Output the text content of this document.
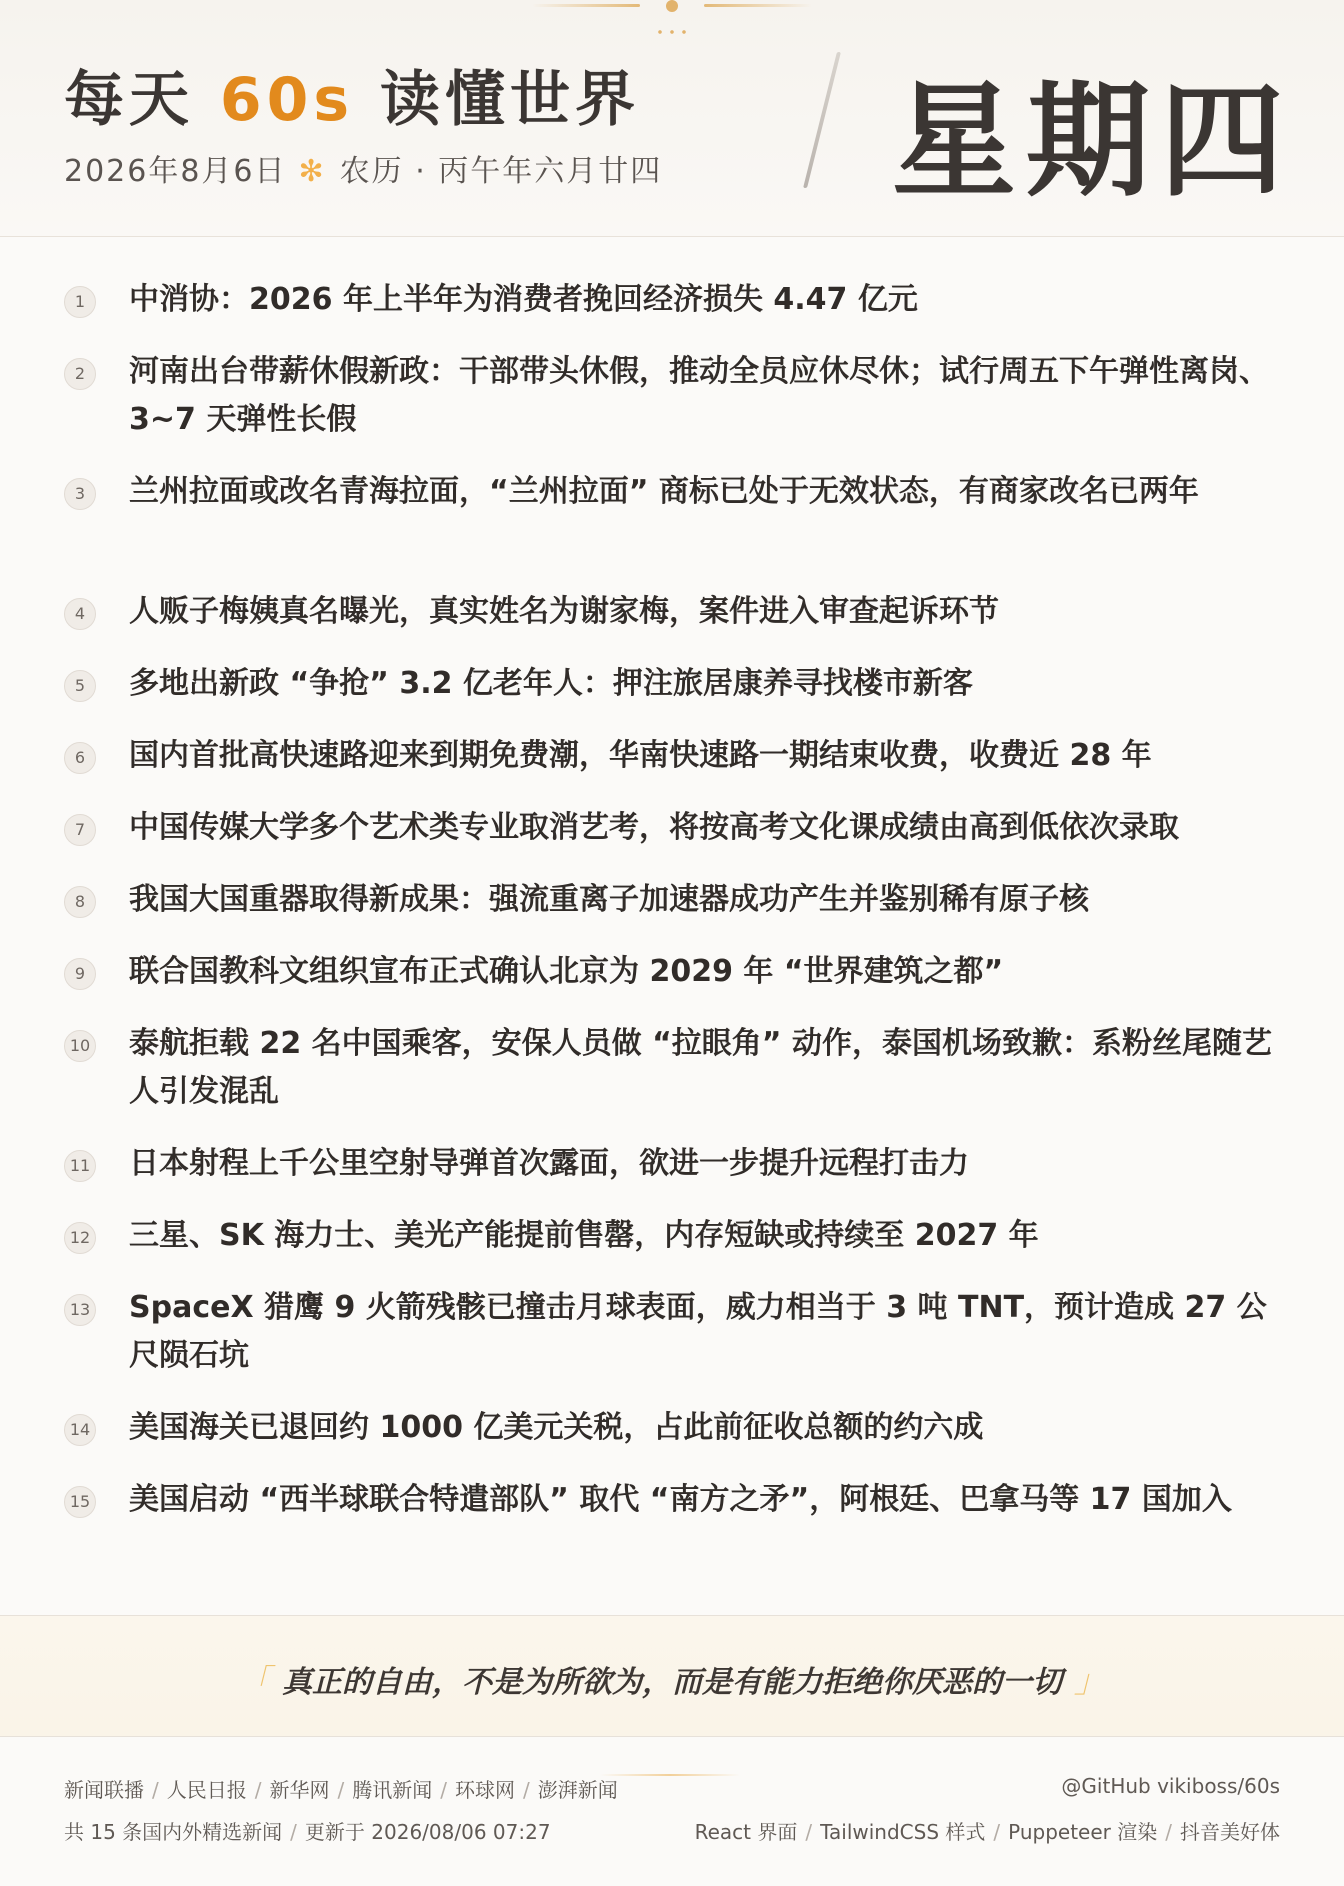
每天 60s 读懂世界
2026年8月6日 ✻ 农历 · 丙午年六月廿四 星期四
1	中消协：2026 年上半年为消费者挽回经济损失 4.47 亿元
2	河南出台带薪休假新政：干部带头休假，推动全员应休尽休；试行周五下午弹性离岗、3~7 天弹性长假
3	兰州拉面或改名青海拉面，“兰州拉面” 商标已处于无效状态，有商家改名已两年
4	人贩子梅姨真名曝光，真实姓名为谢家梅，案件进入审查起诉环节
5	多地出新政 “争抢” 3.2 亿老年人：押注旅居康养寻找楼市新客
6	国内首批高快速路迎来到期免费潮，华南快速路一期结束收费，收费近 28 年
7	中国传媒大学多个艺术类专业取消艺考，将按高考文化课成绩由高到低依次录取
8	我国大国重器取得新成果：强流重离子加速器成功产生并鉴别稀有原子核
9	联合国教科文组织宣布正式确认北京为 2029 年 “世界建筑之都”
10 泰航拒载 22 名中国乘客，安保人员做 “拉眼角” 动作，泰国机场致歉：系粉丝尾随艺人引发混乱
11 日本射程上千公里空射导弹首次露面，欲进一步提升远程打击力
12 三星、SK 海力士、美光产能提前售罄，内存短缺或持续至 2027 年
13 SpaceX 猎鹰 9 火箭残骸已撞击月球表面，威力相当于 3 吨 TNT，预计造成 27 公尺陨石坑
14 美国海关已退回约 1000 亿美元关税，占此前征收总额的约六成
15 美国启动 “西半球联合特遣部队” 取代 “南方之矛”，阿根廷、巴拿马等 17 国加入
「 真正的自由，不是为所欲为，而是有能力拒绝你厌恶的一切 」
新闻联播 / 人民日报 / 新华网 / 腾讯新闻 / 环球网 / 澎湃新闻	@GitHub vikiboss/60s
共 15 条国内外精选新闻 / 更新于 2026/08/06 07:27	React 界面 / TailwindCSS 样式 / Puppeteer 渲染 / 抖音美好体
